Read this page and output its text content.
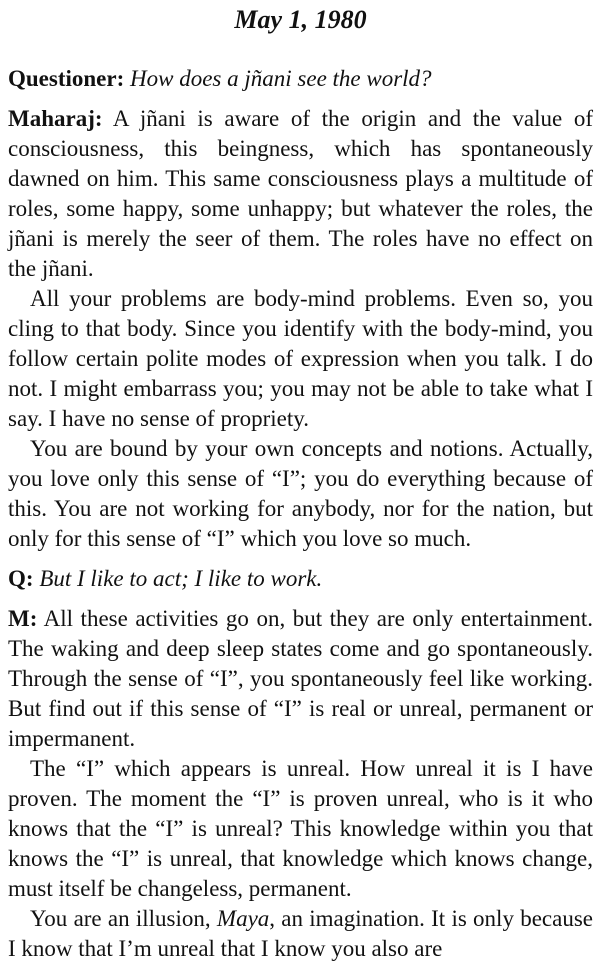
May 1, 1980

Questioner: How does a jñani see the world?

Maharaj: A jñani is aware of the origin and the value of consciousness, this beingness, which has spontaneously dawned on him. This same consciousness plays a multitude of roles, some happy, some unhappy; but whatever the roles, the jñani is merely the seer of them. The roles have no effect on the jñani.

All your problems are body-mind problems. Even so, you cling to that body. Since you identify with the body-mind, you follow certain polite modes of expression when you talk. I do not. I might embarrass you; you may not be able to take what I say. I have no sense of propriety.

You are bound by your own concepts and notions. Actually, you love only this sense of “I”; you do everything because of this. You are not working for anybody, nor for the nation, but only for this sense of “I” which you love so much.

Q: But I like to act; I like to work.

M: All these activities go on, but they are only entertainment. The waking and deep sleep states come and go spontaneously. Through the sense of “I”, you spontaneously feel like working. But find out if this sense of “I” is real or unreal, permanent or impermanent.

The “I” which appears is unreal. How unreal it is I have proven. The moment the “I” is proven unreal, who is it who knows that the “I” is unreal? This knowledge within you that knows the “I” is unreal, that knowledge which knows change, must itself be changeless, permanent.

You are an illusion, Maya, an imagination. It is only because I know that I’m unreal that I know you also are
